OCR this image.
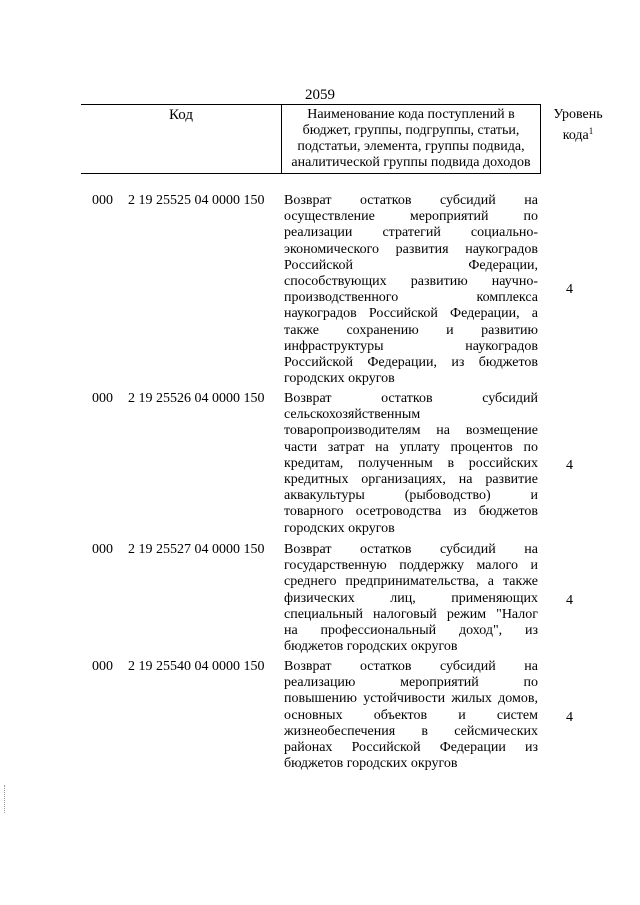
2059
Код	Наименование кода поступлений в
бюджет, группы, подгруппы, статьи,
подстатьи, элемента, группы подвида,
аналитической группы подвида доходов
Уровень
кода$^1$
000 2 19 25525 04 0000 150 Возврат остатков субсидий на
осуществление мероприятий по
реализации стратегий социально-
экономического развития наукоградов
Российской Федерации,
способствующих развитию научно-
производственного комплекса
наукоградов Российской Федерации, а
также сохранению и развитию
инфраструктуры наукоградов
Российской Федерации, из бюджетов
городских округов
4
000 2 19 25526 04 0000 150 Возврат остатков субсидий
сельскохозяйственным
товаропроизводителям на возмещение
части затрат на уплату процентов по
кредитам, полученным в российских
кредитных организациях, на развитие
аквакультуры (рыбоводство) и
товарного осетроводства из бюджетов
городских округов
4
000 2 19 25527 04 0000 150 Возврат остатков субсидий на
государственную поддержку малого и
среднего предпринимательства, а также
физических лиц, применяющих
специальный налоговый режим "Налог
на профессиональный доход", из
бюджетов городских округов
4
000 2 19 25540 04 0000 150 Возврат остатков субсидий на
реализацию мероприятий по
повышению устойчивости жилых домов,
основных объектов и систем
жизнеобеспечения в сейсмических
районах Российской Федерации из
бюджетов городских округов
4
